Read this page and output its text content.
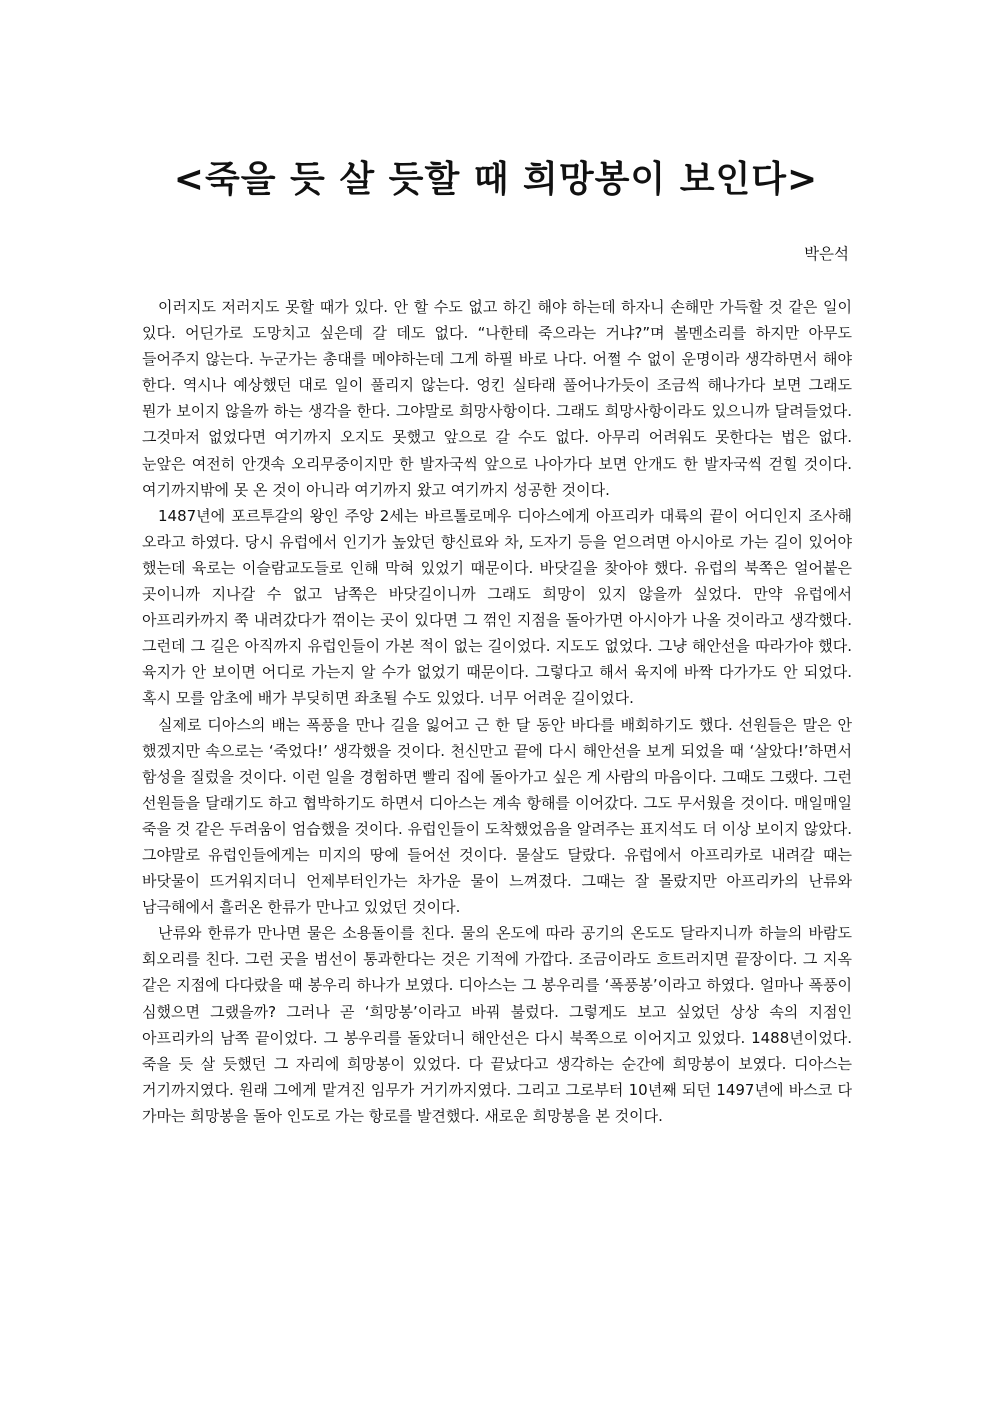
<죽을 듯 살 듯할 때 희망봉이 보인다>
박은석

이러지도 저러지도 못할 때가 있다. 안 할 수도 없고 하긴 해야 하는데 하자니 손해만 가득할 것 같은 일이 있다. 어딘가로 도망치고 싶은데 갈 데도 없다. “나한테 죽으라는 거냐?”며 볼멘소리를 하지만 아무도 들어주지 않는다. 누군가는 총대를 메야하는데 그게 하필 바로 나다. 어쩔 수 없이 운명이라 생각하면서 해야 한다. 역시나 예상했던 대로 일이 풀리지 않는다. 엉킨 실타래 풀어나가듯이 조금씩 해나가다 보면 그래도 뭔가 보이지 않을까 하는 생각을 한다. 그야말로 희망사항이다. 그래도 희망사항이라도 있으니까 달려들었다. 그것마저 없었다면 여기까지 오지도 못했고 앞으로 갈 수도 없다. 아무리 어려워도 못한다는 법은 없다. 눈앞은 여전히 안갯속 오리무중이지만 한 발자국씩 앞으로 나아가다 보면 안개도 한 발자국씩 걷힐 것이다. 여기까지밖에 못 온 것이 아니라 여기까지 왔고 여기까지 성공한 것이다.

1487년에 포르투갈의 왕인 주앙 2세는 바르톨로메우 디아스에게 아프리카 대륙의 끝이 어디인지 조사해 오라고 하였다. 당시 유럽에서 인기가 높았던 향신료와 차, 도자기 등을 얻으려면 아시아로 가는 길이 있어야 했는데 육로는 이슬람교도들로 인해 막혀 있었기 때문이다. 바닷길을 찾아야 했다. 유럽의 북쪽은 얼어붙은 곳이니까 지나갈 수 없고 남쪽은 바닷길이니까 그래도 희망이 있지 않을까 싶었다. 만약 유럽에서 아프리카까지 쭉 내려갔다가 꺾이는 곳이 있다면 그 꺾인 지점을 돌아가면 아시아가 나올 것이라고 생각했다. 그런데 그 길은 아직까지 유럽인들이 가본 적이 없는 길이었다. 지도도 없었다. 그냥 해안선을 따라가야 했다. 육지가 안 보이면 어디로 가는지 알 수가 없었기 때문이다. 그렇다고 해서 육지에 바짝 다가가도 안 되었다. 혹시 모를 암초에 배가 부딪히면 좌초될 수도 있었다. 너무 어려운 길이었다.

실제로 디아스의 배는 폭풍을 만나 길을 잃어고 근 한 달 동안 바다를 배회하기도 했다. 선원들은 말은 안 했겠지만 속으로는 ‘죽었다!’ 생각했을 것이다. 천신만고 끝에 다시 해안선을 보게 되었을 때 ‘살았다!’하면서 함성을 질렀을 것이다. 이런 일을 경험하면 빨리 집에 돌아가고 싶은 게 사람의 마음이다. 그때도 그랬다. 그런 선원들을 달래기도 하고 협박하기도 하면서 디아스는 계속 항해를 이어갔다. 그도 무서웠을 것이다. 매일매일 죽을 것 같은 두려움이 엄습했을 것이다. 유럽인들이 도착했었음을 알려주는 표지석도 더 이상 보이지 않았다. 그야말로 유럽인들에게는 미지의 땅에 들어선 것이다. 물살도 달랐다. 유럽에서 아프리카로 내려갈 때는 바닷물이 뜨거워지더니 언제부터인가는 차가운 물이 느껴졌다. 그때는 잘 몰랐지만 아프리카의 난류와 남극해에서 흘러온 한류가 만나고 있었던 것이다.

난류와 한류가 만나면 물은 소용돌이를 친다. 물의 온도에 따라 공기의 온도도 달라지니까 하늘의 바람도 회오리를 친다. 그런 곳을 범선이 통과한다는 것은 기적에 가깝다. 조금이라도 흐트러지면 끝장이다. 그 지옥 같은 지점에 다다랐을 때 봉우리 하나가 보였다. 디아스는 그 봉우리를 ‘폭풍봉’이라고 하였다. 얼마나 폭풍이 심했으면 그랬을까? 그러나 곧 ‘희망봉’이라고 바꿔 불렀다. 그렇게도 보고 싶었던 상상 속의 지점인 아프리카의 남쪽 끝이었다. 그 봉우리를 돌았더니 해안선은 다시 북쪽으로 이어지고 있었다. 1488년이었다. 죽을 듯 살 듯했던 그 자리에 희망봉이 있었다. 다 끝났다고 생각하는 순간에 희망봉이 보였다. 디아스는 거기까지였다. 원래 그에게 맡겨진 임무가 거기까지였다. 그리고 그로부터 10년째 되던 1497년에 바스코 다 가마는 희망봉을 돌아 인도로 가는 항로를 발견했다. 새로운 희망봉을 본 것이다.
